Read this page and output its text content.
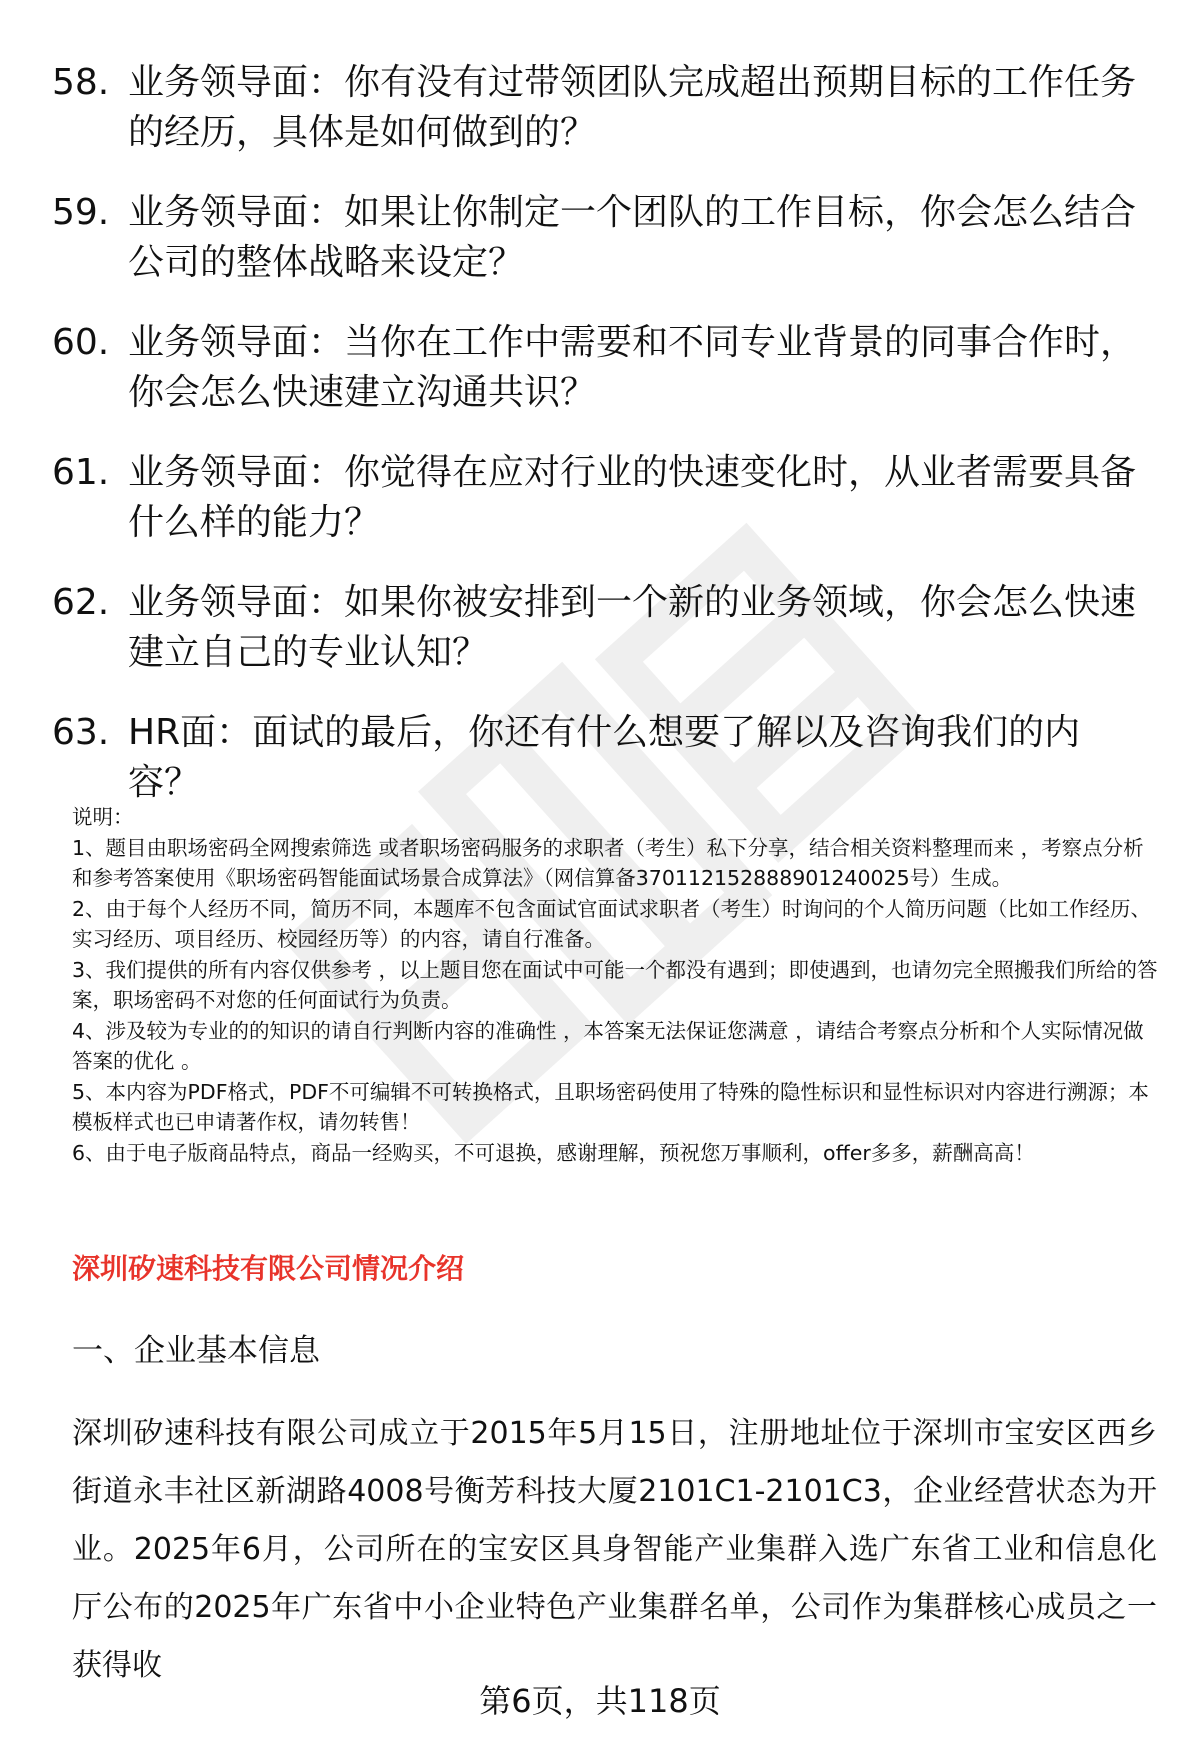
58. 业务领导面：你有没有过带领团队完成超出预期目标的工作任务的经历，具体是如何做到的？
59. 业务领导面：如果让你制定一个团队的工作目标，你会怎么结合公司的整体战略来设定？
60. 业务领导面：当你在工作中需要和不同专业背景的同事合作时，你会怎么快速建立沟通共识？
61. 业务领导面：你觉得在应对行业的快速变化时，从业者需要具备什么样的能力？
62. 业务领导面：如果你被安排到一个新的业务领域，你会怎么快速建立自己的专业认知？
63. HR面：面试的最后，你还有什么想要了解以及咨询我们的内容？
说明：
1、题目由职场密码全网搜索筛选 或者职场密码服务的求职者（考生）私下分享，结合相关资料整理而来 ，考察点分析和参考答案使用《职场密码智能面试场景合成算法》（网信算备370112152888901240025号）生成。
2、由于每个人经历不同，简历不同，本题库不包含面试官面试求职者（考生）时询问的个人简历问题（比如工作经历、实习经历、项目经历、校园经历等）的内容，请自行准备。
3、我们提供的所有内容仅供参考 ，以上题目您在面试中可能一个都没有遇到；即使遇到，也请勿完全照搬我们所给的答案，职场密码不对您的任何面试行为负责。
4、涉及较为专业的的知识的请自行判断内容的准确性 ，本答案无法保证您满意 ，请结合考察点分析和个人实际情况做答案的优化 。
5、本内容为PDF格式，PDF不可编辑不可转换格式，且职场密码使用了特殊的隐性标识和显性标识对内容进行溯源；本模板样式也已申请著作权，请勿转售！
6、由于电子版商品特点，商品一经购买，不可退换，感谢理解，预祝您万事顺利，offer多多，薪酬高高！
深圳矽速科技有限公司情况介绍
一、企业基本信息
深圳矽速科技有限公司成立于2015年5月15日，注册地址位于深圳市宝安区西乡街道永丰社区新湖路4008号衡芳科技大厦2101C1-2101C3，企业经营状态为开业。2025年6月，公司所在的宝安区具身智能产业集群入选广东省工业和信息化厅公布的2025年广东省中小企业特色产业集群名单，公司作为集群核心成员之一获得收
第6页，共118页
